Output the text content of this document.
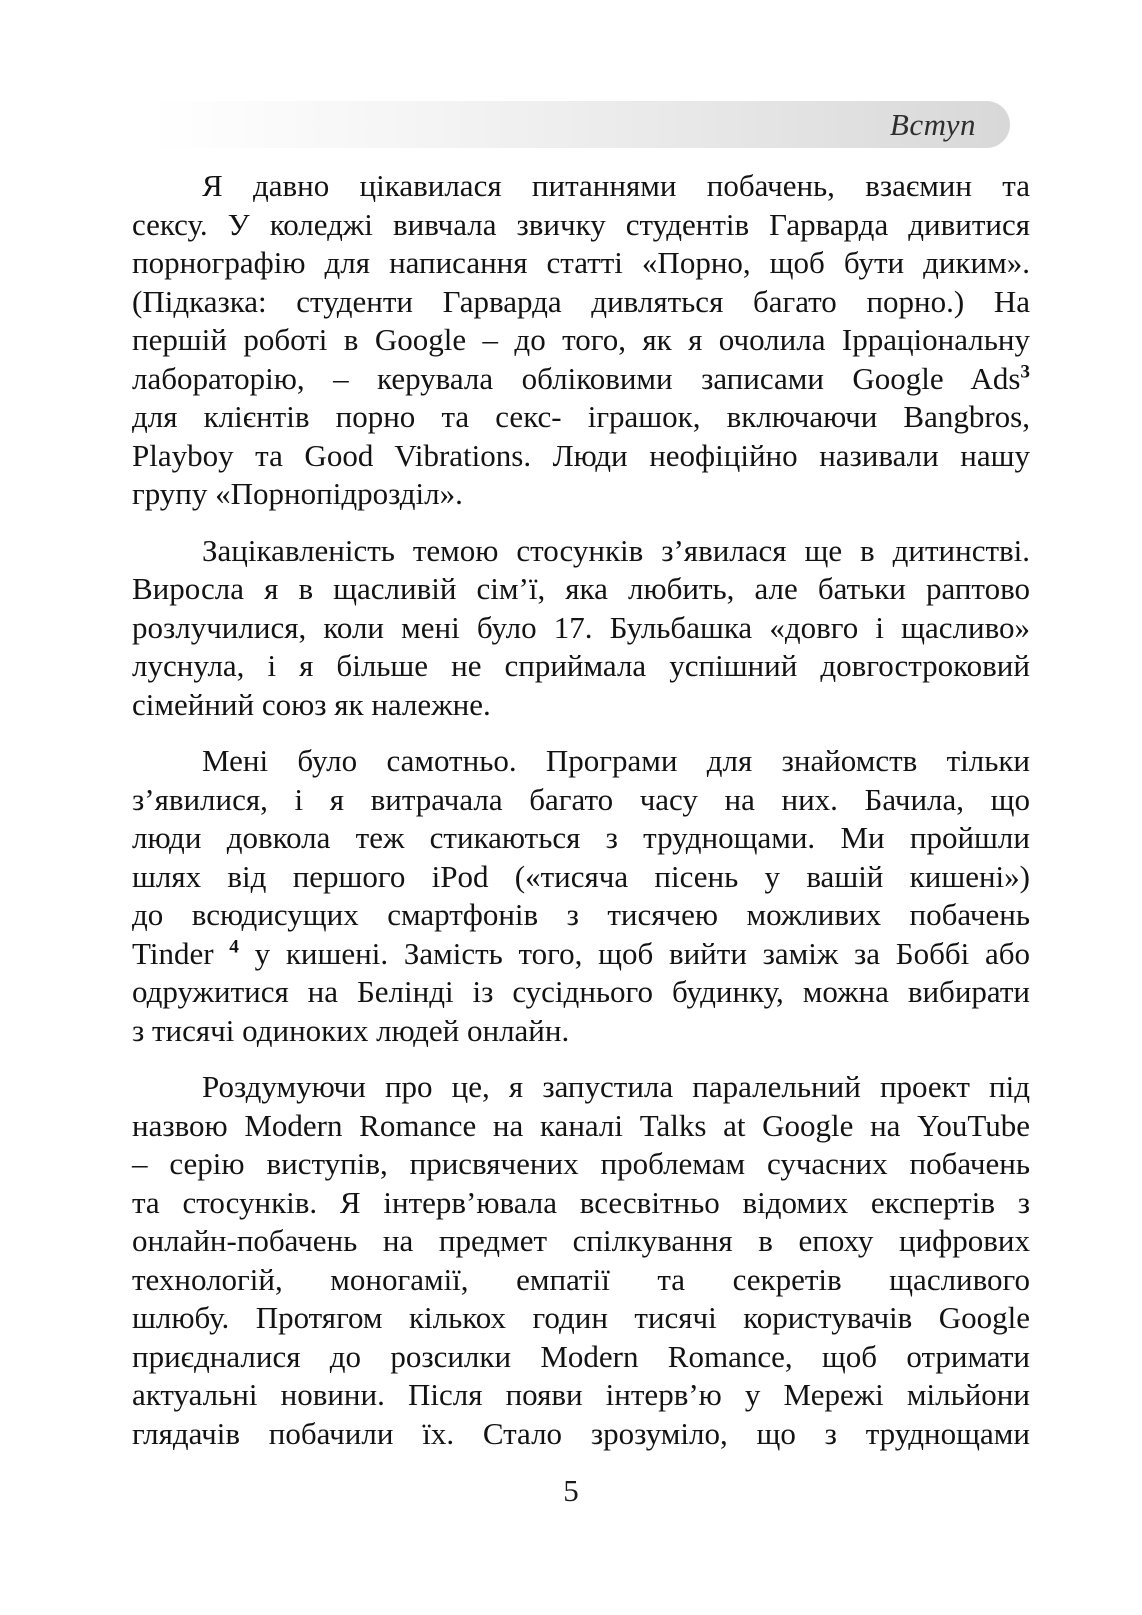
Вступ
Я давно цікавилася питаннями побачень, взаємин та
сексу. У коледжі вивчала звичку студентів Гарварда дивитися
порнографію для написання статті «Порно, щоб бути диким».
(Підказка: студенти Гарварда дивляться багато порно.) На
першій роботі в Google – до того, як я очолила Ірраціональну
лабораторію, – керувала обліковими записами Google Ads$^3$
для клієнтів порно та секс- іграшок, включаючи Bangbros,
Playboy та Good Vibrations. Люди неофіційно називали нашу
групу «Порнопідрозділ».
Зацікавленість темою стосунків з’явилася ще в дитинстві.
Виросла я в щасливій сім’ї, яка любить, але батьки раптово
розлучилися, коли мені було 17. Бульбашка «довго і щасливо»
луснула, і я більше не сприймала успішний довгостроковий
сімейний союз як належне.
Мені було самотньо. Програми для знайомств тільки
з’явилися, і я витрачала багато часу на них. Бачила, що
люди довкола теж стикаються з труднощами. Ми пройшли
шлях від першого iPod («тисяча пісень у вашій кишені»)
до всюдисущих смартфонів з тисячею можливих побачень
Tinder $^4$ у кишені. Замість того, щоб вийти заміж за Боббі або
одружитися на Белінді із сусіднього будинку, можна вибирати
з тисячі одиноких людей онлайн.
Роздумуючи про це, я запустила паралельний проект під
назвою Modern Romance на каналі Talks at Google на YouTube
– серію виступів, присвячених проблемам сучасних побачень
та стосунків. Я інтерв’ювала всесвітньо відомих експертів з
онлайн-побачень на предмет спілкування в епоху цифрових
технологій, моногамії, емпатії та секретів щасливого
шлюбу. Протягом кількох годин тисячі користувачів Google
приєдналися до розсилки Modern Romance, щоб отримати
актуальні новини. Після появи інтерв’ю у Мережі мільйони
глядачів побачили їх. Стало зрозуміло, що з труднощами
5
